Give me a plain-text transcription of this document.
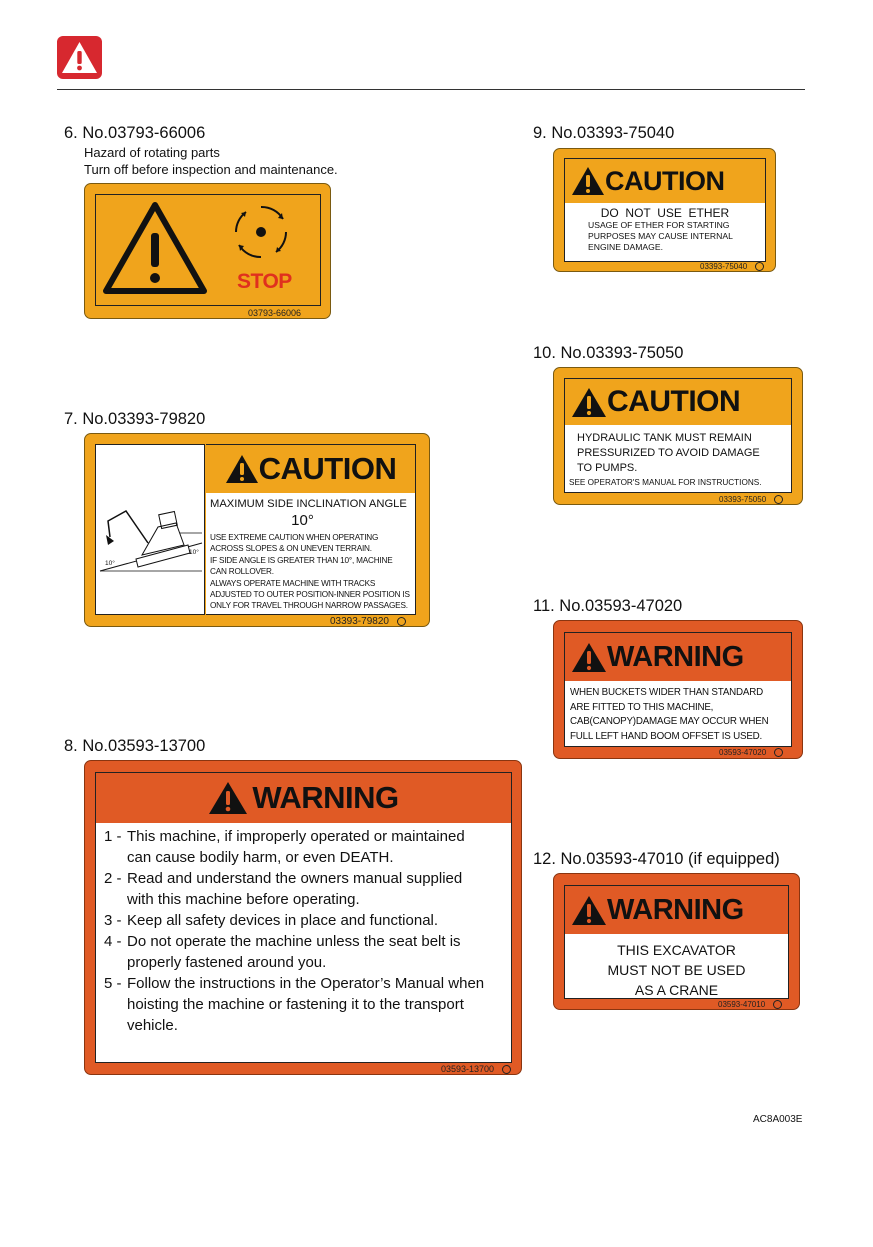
6. No.03793-66006
Hazard of rotating parts
Turn off before inspection and maintenance.
STOP
03793-66006
7. No.03393-79820
10°
10°
CAUTION
MAXIMUM SIDE INCLINATION ANGLE
10°
USE EXTREME CAUTION WHEN OPERATING
ACROSS SLOPES & ON UNEVEN TERRAIN.
IF SIDE ANGLE IS GREATER THAN 10°, MACHINE
CAN ROLLOVER.
ALWAYS OPERATE MACHINE WITH TRACKS
ADJUSTED TO OUTER POSITION-INNER POSITION IS
ONLY FOR TRAVEL THROUGH NARROW PASSAGES.
03393-79820
8. No.03593-13700
WARNING
1 - This machine, if improperly operated or maintained can cause bodily harm, or even DEATH.
2 - Read and understand the owners manual supplied with this machine before operating.
3 - Keep all safety devices in place and functional.
4 - Do not operate the machine unless the seat belt is properly fastened around you.
5 - Follow the instructions in the Operator’s Manual when hoisting the machine or fastening it to the transport vehicle.
03593-13700
9. No.03393-75040
CAUTION
DO  NOT  USE  ETHER
USAGE OF ETHER FOR STARTING
PURPOSES MAY CAUSE INTERNAL
ENGINE DAMAGE.
03393-75040
10. No.03393-75050
CAUTION
HYDRAULIC TANK MUST REMAIN
PRESSURIZED TO AVOID DAMAGE
TO PUMPS.
SEE OPERATOR'S MANUAL FOR INSTRUCTIONS.
03393-75050
11. No.03593-47020
WARNING
WHEN BUCKETS WIDER THAN STANDARD
ARE FITTED TO THIS MACHINE,
CAB(CANOPY)DAMAGE MAY OCCUR WHEN
FULL LEFT HAND BOOM OFFSET IS USED.
03593-47020
12. No.03593-47010 (if equipped)
WARNING
THIS EXCAVATOR
MUST NOT BE USED
AS A CRANE
03593-47010
AC8A003E
